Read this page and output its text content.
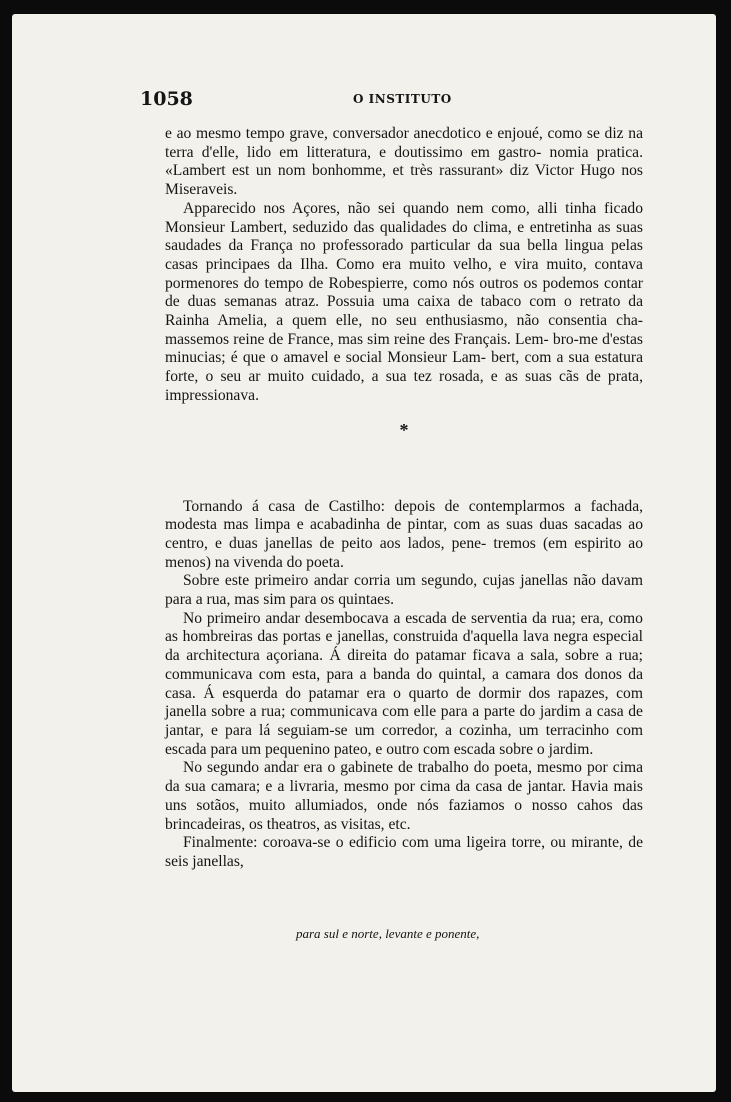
1058	O INSTITUTO

e ao mesmo tempo grave, conversador anecdotico e enjoué, como se diz na terra d'elle, lido em litteratura, e doutissimo em gastro- nomia pratica. «Lambert est un nom bonhomme, et très rassurant» diz Victor Hugo nos Miseraveis.

Apparecido nos Açores, não sei quando nem como, alli tinha ficado Monsieur Lambert, seduzido das qualidades do clima, e entretinha as suas saudades da França no professorado particular da sua bella lingua pelas casas principaes da Ilha. Como era muito velho, e vira muito, contava pormenores do tempo de Robespierre, como nós outros os podemos contar de duas semanas atraz. Possuia uma caixa de tabaco com o retrato da Rainha Amelia, a quem elle, no seu enthusiasmo, não consentia cha- massemos reine de France, mas sim reine des Français. Lem- bro-me d'estas minucias; é que o amavel e social Monsieur Lam- bert, com a sua estatura forte, o seu ar muito cuidado, a sua tez rosada, e as suas cãs de prata, impressionava.

*

Tornando á casa de Castilho: depois de contemplarmos a fachada, modesta mas limpa e acabadinha de pintar, com as suas duas sacadas ao centro, e duas janellas de peito aos lados, pene- tremos (em espirito ao menos) na vivenda do poeta.

Sobre este primeiro andar corria um segundo, cujas janellas não davam para a rua, mas sim para os quintaes.

No primeiro andar desembocava a escada de serventia da rua; era, como as hombreiras das portas e janellas, construida d'aquella lava negra especial da architectura açoriana. Á direita do patamar ficava a sala, sobre a rua; communicava com esta, para a banda do quintal, a camara dos donos da casa. Á esquerda do patamar era o quarto de dormir dos rapazes, com janella sobre a rua; communicava com elle para a parte do jardim a casa de jantar, e para lá seguiam-se um corredor, a cozinha, um terracinho com escada para um pequenino pateo, e outro com escada sobre o jardim.

No segundo andar era o gabinete de trabalho do poeta, mesmo por cima da sua camara; e a livraria, mesmo por cima da casa de jantar. Havia mais uns sotãos, muito allumiados, onde nós faziamos o nosso cahos das brincadeiras, os theatros, as visitas, etc.

Finalmente: coroava-se o edificio com uma ligeira torre, ou mirante, de seis janellas,

para sul e norte, levante e ponente,
